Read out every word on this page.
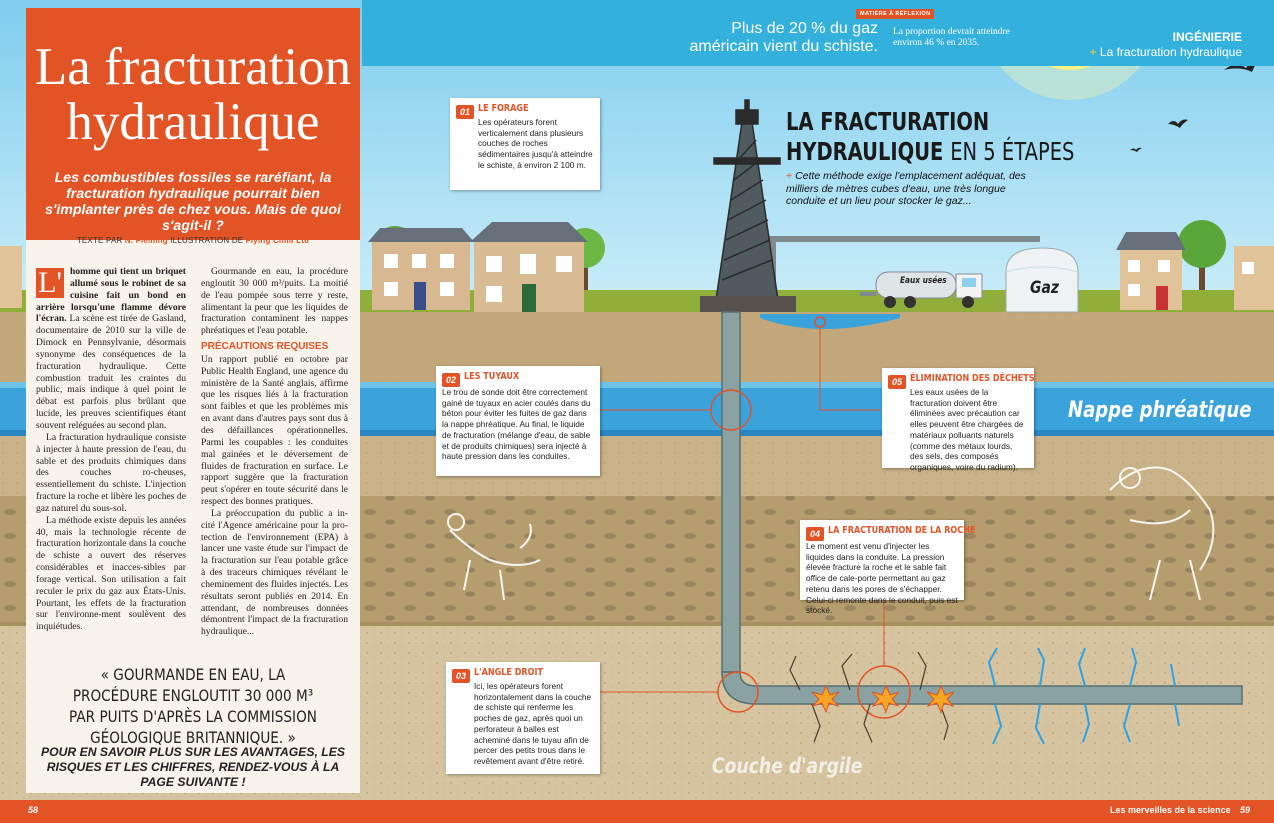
MATIÈRE À RÉFLEXION
Plus de 20 % du gaz américain vient du schiste.
La proportion devrait atteindre environ 46 % en 2035.	INGÉNIERIE
+ La fracturation hydraulique
La fracturation hydraulique
Les combustibles fossiles se raréfiant, la fracturation hydraulique pourrait bien s'implanter près de chez vous. Mais de quoi s'agit-il ?
TEXTE PAR N. Fleming ILLUSTRATION DE Flying Chilli Ltd

L' homme qui tient un briquet allumé sous le robinet de sa cuisine fait un bond en arrière lorsqu'une flamme dévore l'écran. La scène est tirée de Gasland, documentaire de 2010 sur la ville de Dimock en Pennsylvanie, désormais synonyme des conséquences de la fracturation hydraulique. Cette combustion traduit les craintes du public, mais indique à quel point le débat est parfois plus brûlant que lucide, les preuves scientifiques étant souvent reléguées au second plan.

La fracturation hydraulique consiste à injecter à haute pression de l'eau, du sable et des produits chimiques dans des couches ro-cheuses, essentiellement du schiste. L'injection fracture la roche et libère les poches de gaz naturel du sous-sol.

La méthode existe depuis les années 40, mais la technologie récente de fracturation horizontale dans la couche de schiste a ouvert des réserves considérables et inacces-sibles par forage vertical. Son utilisation a fait reculer le prix du gaz aux États-Unis. Pourtant, les effets de la fracturation sur l'environne-ment soulèvent des inquiétudes.

Gourmande en eau, la procédure engloutit 30 000 m³/puits. La moitié de l'eau pompée sous terre y reste, alimentant la peur que les liquides de fracturation contaminent les nappes phréatiques et l'eau potable.

PRÉCAUTIONS REQUISES

Un rapport publié en octobre par Public Health England, une agence du ministère de la Santé anglais, affirme que les risques liés à la fracturation sont faibles et que les problèmes mis en avant dans d'autres pays sont dus à des défaillances opérationnelles. Parmi les coupables : les conduites mal gainées et le déversement de fluides de fracturation en surface. Le rapport suggère que la fracturation peut s'opérer en toute sécurité dans le respect des bonnes pratiques.

La préoccupation du public a in-cité l'Agence américaine pour la pro-tection de l'environnement (EPA) à lancer une vaste étude sur l'impact de la fracturation sur l'eau potable grâce à des traceurs chimiques révélant le cheminement des fluides injectés. Les résultats seront publiés en 2014. En attendant, de nombreuses données démontrent l'impact de la fracturation hydraulique...

« GOURMANDE EN EAU, LA PROCÉDURE ENGLOUTIT 30 000 M³ PAR PUITS D'APRÈS LA COMMISSION GÉOLOGIQUE BRITANNIQUE. »
POUR EN SAVOIR PLUS SUR LES AVANTAGES, LES RISQUES ET LES CHIFFRES, RENDEZ-VOUS À LA PAGE SUIVANTE !
LA FRACTURATION
HYDRAULIQUE EN 5 ÉTAPES
+ Cette méthode exige l'emplacement adéquat, des milliers de mètres cubes d'eau, une très longue conduite et un lieu pour stocker le gaz...
Eaux usées	Gaz
Nappe phréatique
Couche d'argile
01 LE FORAGE
Les opérateurs forent verticalement dans plusieurs couches de roches sédimentaires jusqu'à atteindre le schiste, à environ 2 100 m.
02 LES TUYAUX
Le trou de sonde doit être correctement gainé de tuyaux en acier coulés dans du béton pour éviter les fuites de gaz dans la nappe phréatique. Au final, le liquide de fracturation (mélange d'eau, de sable et de produits chimiques) sera injecté à haute pression dans les conduites.
03 L'ANGLE DROIT
Ici, les opérateurs forent horizontalement dans la couche de schiste qui renferme les poches de gaz, après quoi un perforateur à balles est acheminé dans le tuyau afin de percer des petits trous dans le revêtement avant d'être retiré.
04 LA FRACTURATION DE LA ROCHE
Le moment est venu d'injecter les liquides dans la conduite. La pression élevée fracture la roche et le sable fait office de cale-porte permettant au gaz retenu dans les pores de s'échapper. Celui-ci remonte dans le conduit, puis est stocké.
05 ÉLIMINATION DES DÉCHETS
Les eaux usées de la fracturation doivent être éliminées avec précaution car elles peuvent être chargées de matériaux polluants naturels (comme des métaux lourds, des sels, des composés organiques, voire du radium).
58	Les merveilles de la science 59
